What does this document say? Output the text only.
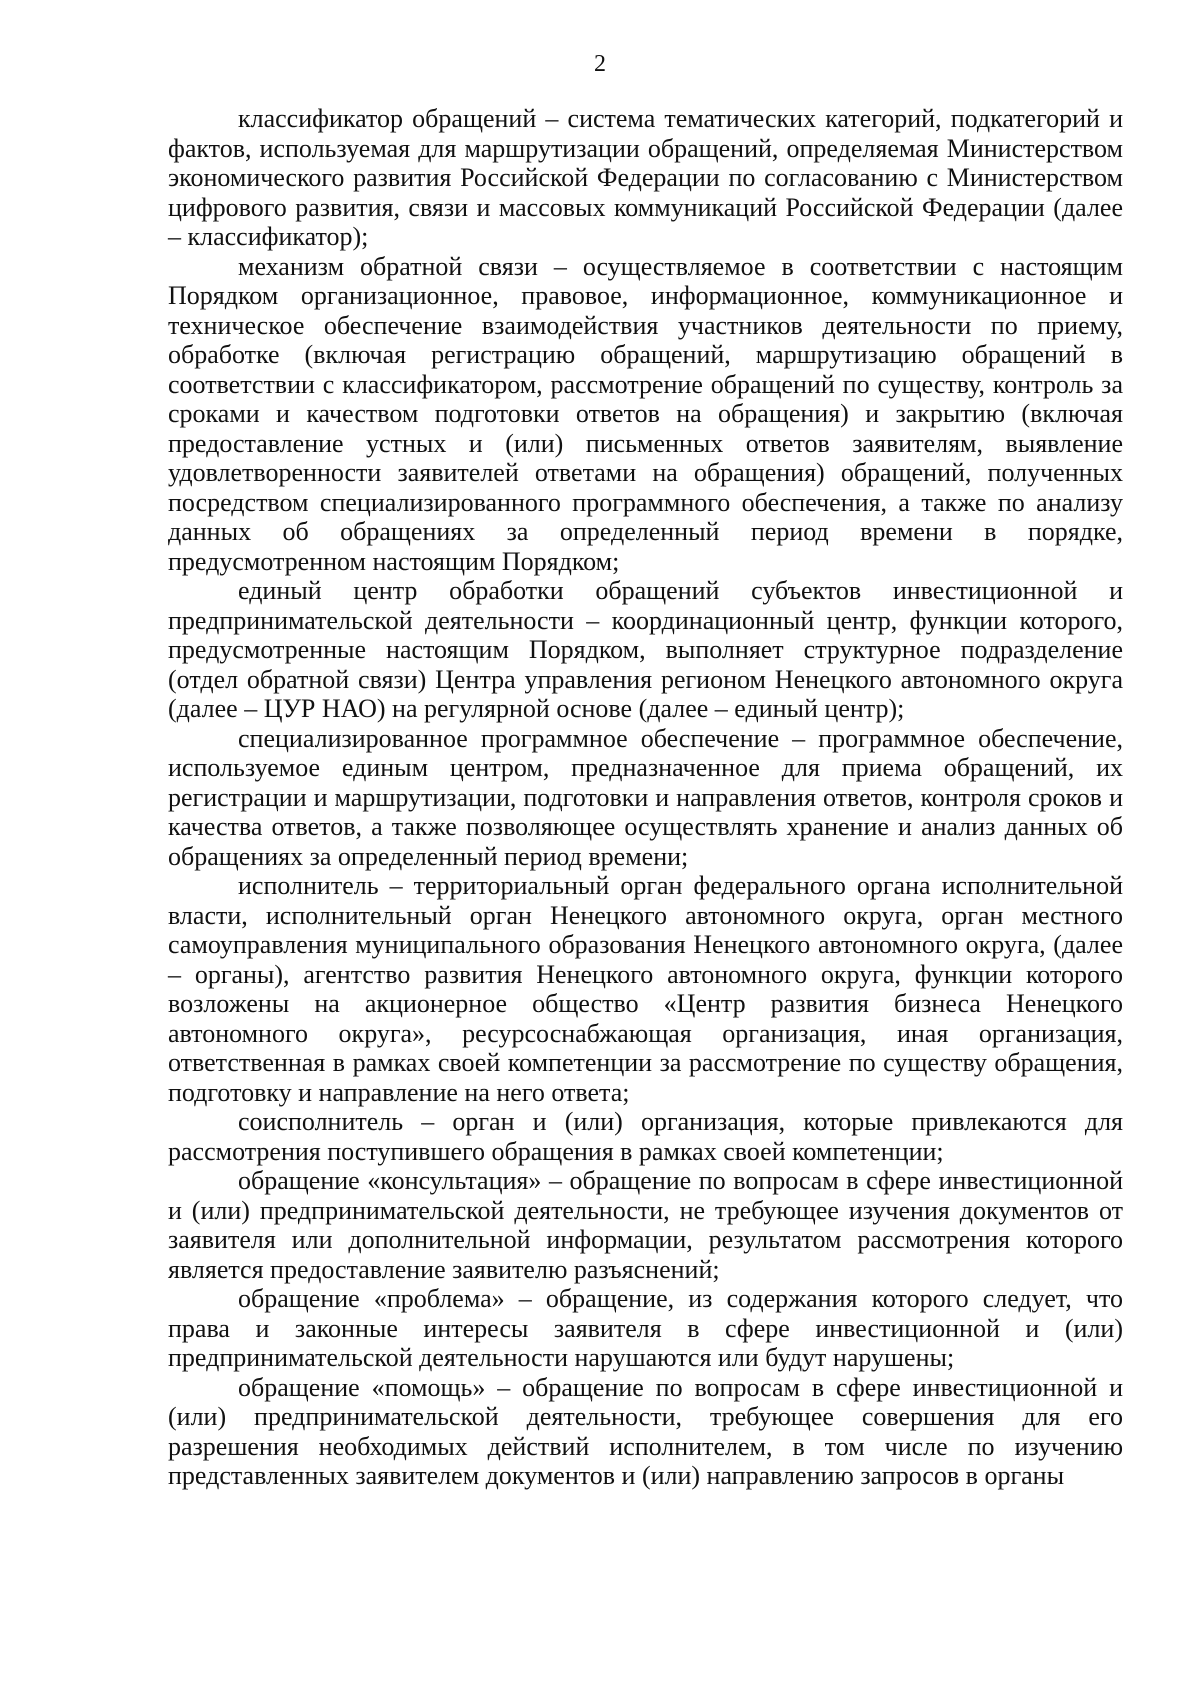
2

классификатор обращений – система тематических категорий, подкатегорий и фактов, используемая для маршрутизации обращений, определяемая Министерством экономического развития Российской Федерации по согласованию с Министерством цифрового развития, связи и массовых коммуникаций Российской Федерации (далее – классификатор);

механизм обратной связи – осуществляемое в соответствии с настоящим Порядком организационное, правовое, информационное, коммуникационное и техническое обеспечение взаимодействия участников деятельности по приему, обработке (включая регистрацию обращений, маршрутизацию обращений в соответствии с классификатором, рассмотрение обращений по существу, контроль за сроками и качеством подготовки ответов на обращения) и закрытию (включая предоставление устных и (или) письменных ответов заявителям, выявление удовлетворенности заявителей ответами на обращения) обращений, полученных посредством специализированного программного обеспечения, а также по анализу данных об обращениях за определенный период времени в порядке, предусмотренном настоящим Порядком;

единый центр обработки обращений субъектов инвестиционной и предпринимательской деятельности – координационный центр, функции которого, предусмотренные настоящим Порядком, выполняет структурное подразделение (отдел обратной связи) Центра управления регионом Ненецкого автономного округа (далее – ЦУР НАО) на регулярной основе (далее – единый центр);

специализированное программное обеспечение – программное обеспечение, используемое единым центром, предназначенное для приема обращений, их регистрации и маршрутизации, подготовки и направления ответов, контроля сроков и качества ответов, а также позволяющее осуществлять хранение и анализ данных об обращениях за определенный период времени;

исполнитель – территориальный орган федерального органа исполнительной власти, исполнительный орган Ненецкого автономного округа, орган местного самоуправления муниципального образования Ненецкого автономного округа, (далее – органы), агентство развития Ненецкого автономного округа, функции которого возложены на акционерное общество «Центр развития бизнеса Ненецкого автономного округа», ресурсоснабжающая организация, иная организация, ответственная в рамках своей компетенции за рассмотрение по существу обращения, подготовку и направление на него ответа;

соисполнитель – орган и (или) организация, которые привлекаются для рассмотрения поступившего обращения в рамках своей компетенции;

обращение «консультация» – обращение по вопросам в сфере инвестиционной и (или) предпринимательской деятельности, не требующее изучения документов от заявителя или дополнительной информации, результатом рассмотрения которого является предоставление заявителю разъяснений;

обращение «проблема» – обращение, из содержания которого следует, что права и законные интересы заявителя в сфере инвестиционной и (или) предпринимательской деятельности нарушаются или будут нарушены;

обращение «помощь» – обращение по вопросам в сфере инвестиционной и (или) предпринимательской деятельности, требующее совершения для его разрешения необходимых действий исполнителем, в том числе по изучению представленных заявителем документов и (или) направлению запросов в органы
